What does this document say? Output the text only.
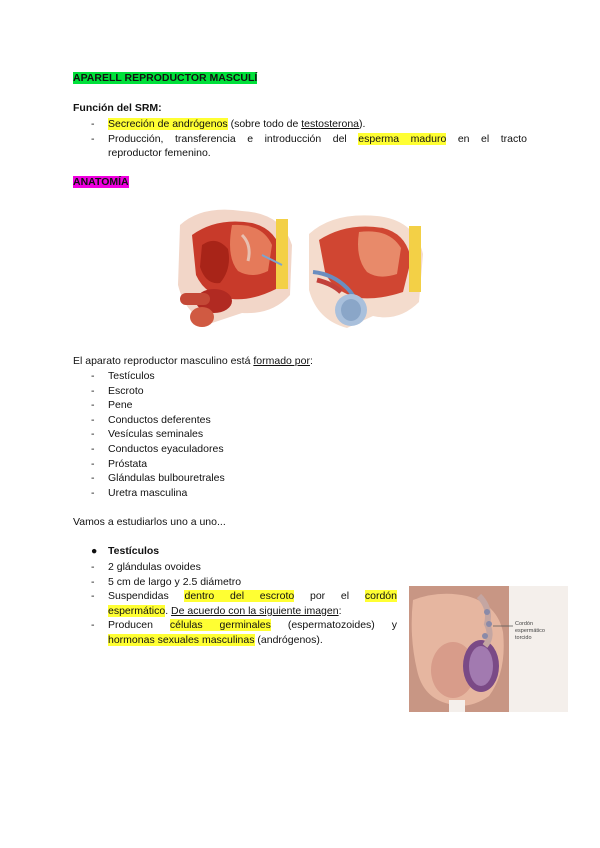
APARELL REPRODUCTOR MASCULÍ
Función del SRM:
- Secreción de andrógenos (sobre todo de testosterona).
- Producción, transferencia e introducción del esperma maduro en el tracto
reproductor femenino.
ANATOMÍA
El aparato reproductor masculino está formado por:
- Testículos
- Escroto
- Pene
- Conductos deferentes
- Vesículas seminales
- Conductos eyaculadores
- Próstata
- Glándulas bulbouretrales
- Uretra masculina
Vamos a estudiarlos uno a uno...
● Testículos
- 2 glándulas ovoides
- 5 cm de largo y 2.5 diámetro
- Suspendidas dentro del escroto por el cordón
espermático. De acuerdo con la siguiente imagen:
- Producen células germinales (espermatozoides) y
hormonas sexuales masculinas (andrógenos).
Cordón
espermático
torcido
